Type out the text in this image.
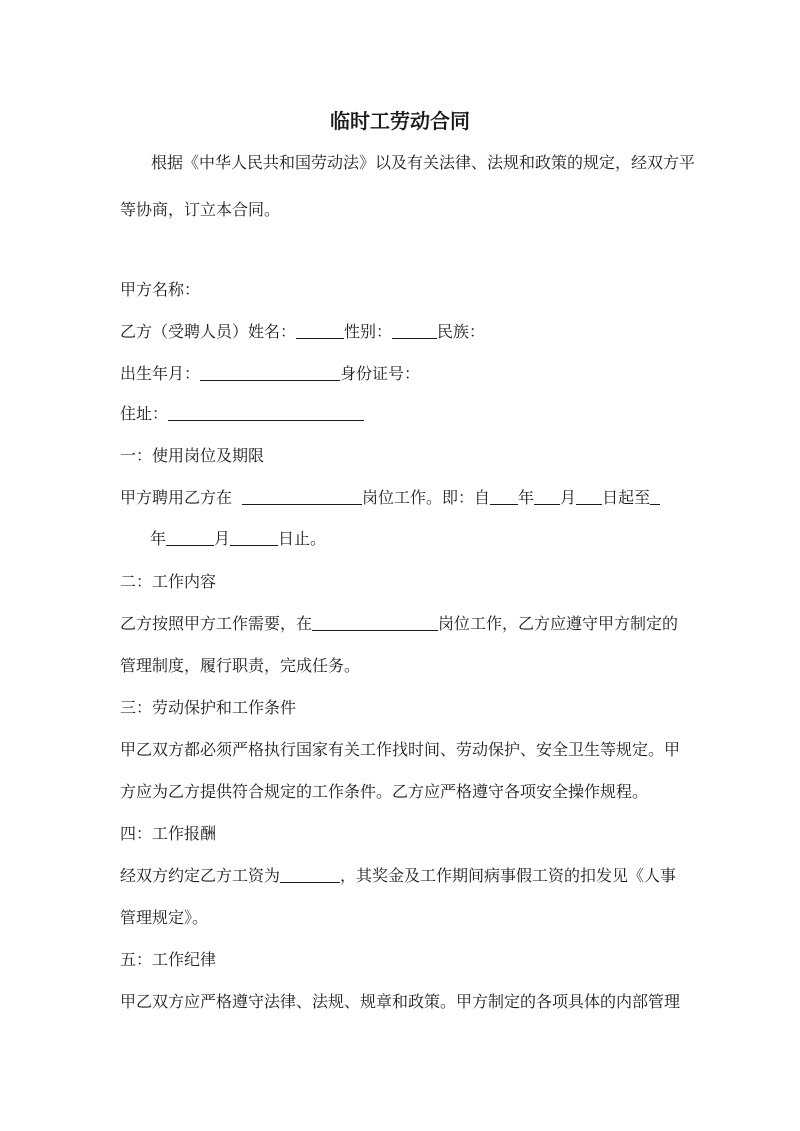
临时工劳动合同
根据《中华人民共和国劳动法》以及有关法律、法规和政策的规定，经双方平
等协商，订立本合同。
甲方名称：
乙方（受聘人员）姓名：	性别：	民族：
出生年月：	身份证号：
住址：
一：使用岗位及期限
甲方聘用乙方在	岗位工作。即：自 年 月 日起至
年	月	日止。
二：工作内容
乙方按照甲方工作需要，在	岗位工作，乙方应遵守甲方制定的
管理制度，履行职责，完成任务。
三：劳动保护和工作条件
甲乙双方都必须严格执行国家有关工作找时间、劳动保护、安全卫生等规定。甲
方应为乙方提供符合规定的工作条件。乙方应严格遵守各项安全操作规程。
四：工作报酬
经双方约定乙方工资为	，其奖金及工作期间病事假工资的扣发见《人事
管理规定》。
五：工作纪律
甲乙双方应严格遵守法律、法规、规章和政策。甲方制定的各项具体的内部管理
